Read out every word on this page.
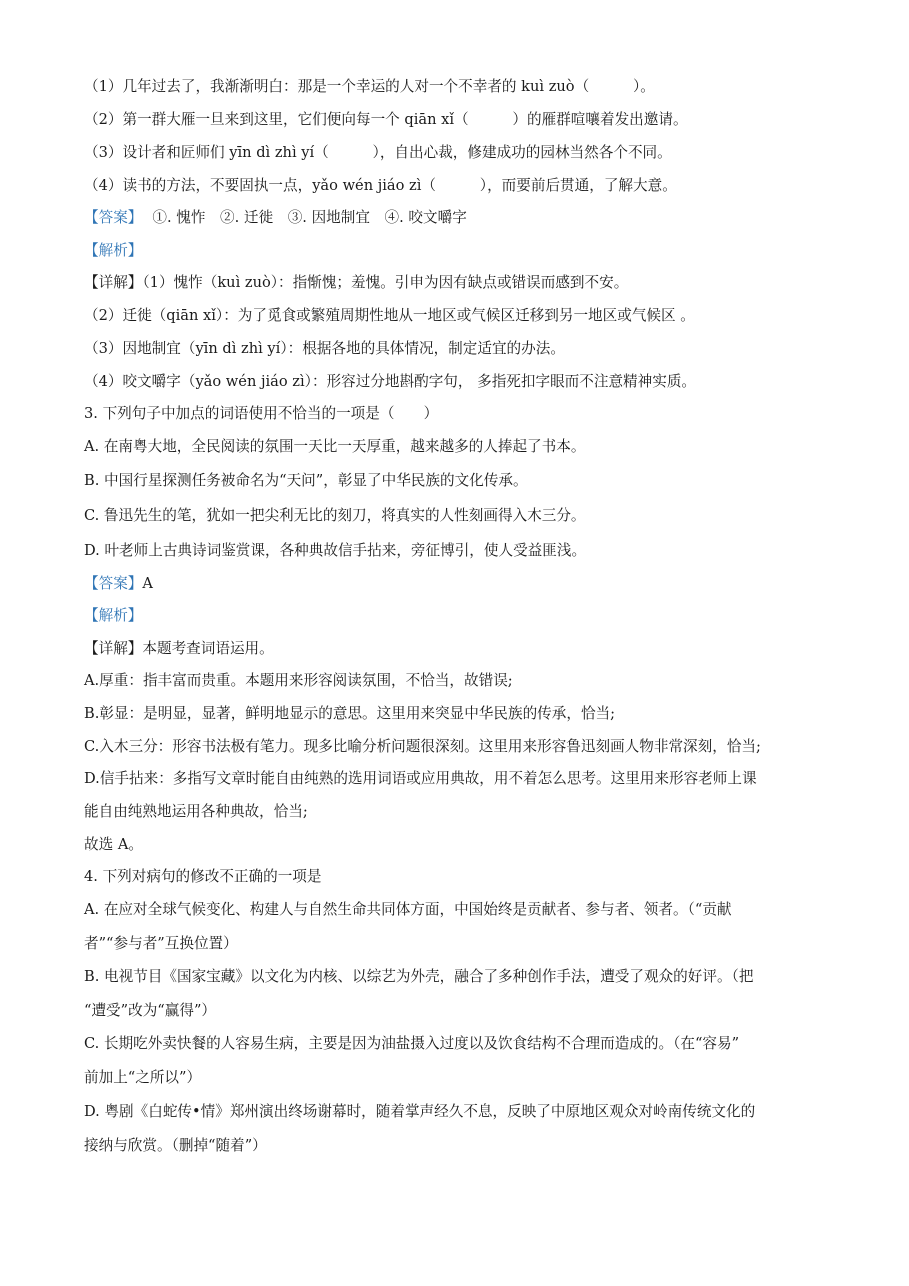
（1）几年过去了，我渐渐明白：那是一个幸运的人对一个不幸者的 kuì zuò（　　　）。
（2）第一群大雁一旦来到这里，它们便向每一个 qiān xǐ（　　　）的雁群喧嚷着发出邀请。
（3）设计者和匠师们 yīn dì zhì yí（　　　），自出心裁，修建成功的园林当然各个不同。
（4）读书的方法，不要固执一点，yǎo wén jiáo zì（　　　），而要前后贯通，了解大意。
【答案】 ①. 愧怍　②. 迁徙　③. 因地制宜　④. 咬文嚼字
【解析】
【详解】（1）愧怍（kuì zuò）：指惭愧；羞愧。引申为因有缺点或错误而感到不安。
（2）迁徙（qiān xǐ）：为了觅食或繁殖周期性地从一地区或气候区迁移到另一地区或气候区 。
（3）因地制宜（yīn dì zhì yí）：根据各地的具体情况，制定适宜的办法。
（4）咬文嚼字（yǎo wén jiáo zì）：形容过分地斟酌字句， 多指死扣字眼而不注意精神实质。
3. 下列句子中加点的词语使用不恰当的一项是（　　）
A. 在南粤大地，全民阅读的氛围一天比一天厚重，越来越多的人捧起了书本。
B. 中国行星探测任务被命名为“天问”，彰显了中华民族的文化传承。
C. 鲁迅先生的笔，犹如一把尖利无比的刻刀，将真实的人性刻画得入木三分。
D. 叶老师上古典诗词鉴赏课，各种典故信手拈来，旁征博引，使人受益匪浅。
【答案】A
【解析】
【详解】本题考查词语运用。
A.厚重：指丰富而贵重。本题用来形容阅读氛围，不恰当，故错误;
B.彰显：是明显，显著，鲜明地显示的意思。这里用来突显中华民族的传承，恰当;
C.入木三分：形容书法极有笔力。现多比喻分析问题很深刻。这里用来形容鲁迅刻画人物非常深刻，恰当;
D.信手拈来：多指写文章时能自由纯熟的选用词语或应用典故，用不着怎么思考。这里用来形容老师上课
能自由纯熟地运用各种典故，恰当;
故选 A。
4. 下列对病句的修改不正确的一项是
A. 在应对全球气候变化、构建人与自然生命共同体方面，中国始终是贡献者、参与者、领者。（“贡献
者”“参与者”互换位置）
B. 电视节目《国家宝藏》以文化为内核、以综艺为外壳，融合了多种创作手法，遭受了观众的好评。（把
“遭受”改为“赢得”）
C. 长期吃外卖快餐的人容易生病，主要是因为油盐摄入过度以及饮食结构不合理而造成的。（在“容易”
前加上“之所以”）
D. 粤剧《白蛇传•情》郑州演出终场谢幕时，随着掌声经久不息，反映了中原地区观众对岭南传统文化的
接纳与欣赏。（删掉“随着”）
